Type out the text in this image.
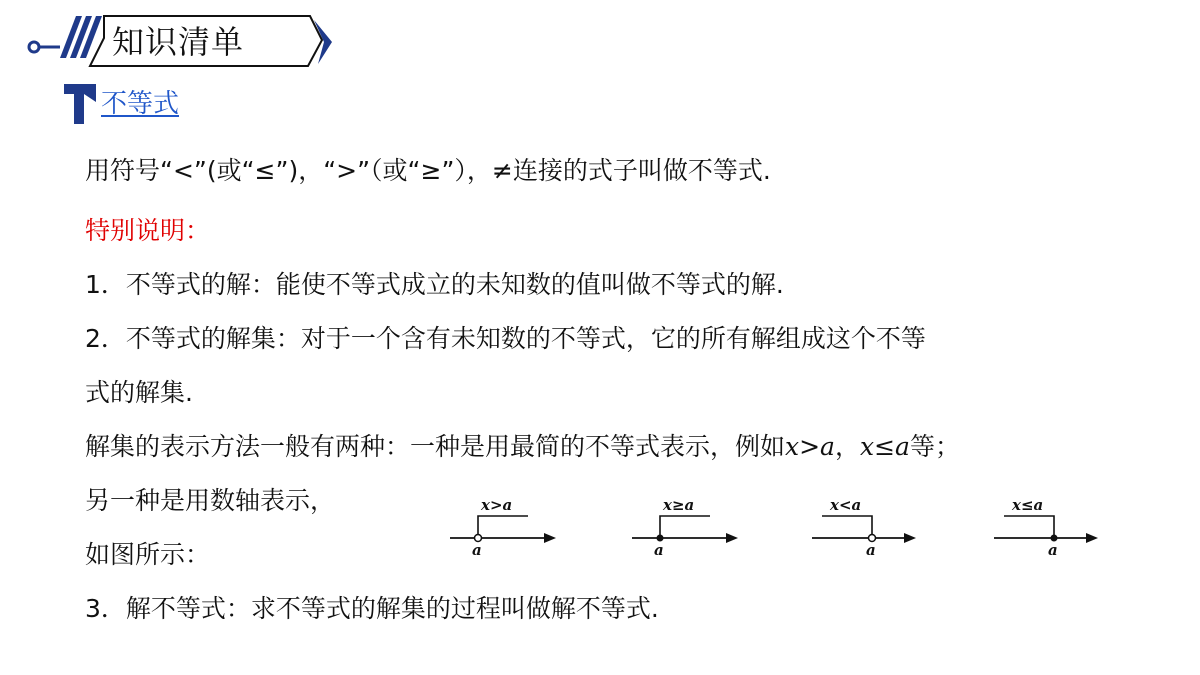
知识清单
不等式
用符号“<”(或“≤”)，“>”（或“≥”），≠连接的式子叫做不等式.
特别说明：
1．不等式的解：能使不等式成立的未知数的值叫做不等式的解.
2．不等式的解集：对于一个含有未知数的不等式，它的所有解组成这个不等
式的解集.
解集的表示方法一般有两种：一种是用最简的不等式表示，例如x>a，x≤a等；
另一种是用数轴表示，
如图所示：
3．解不等式：求不等式的解集的过程叫做解不等式.
x>a
a
x≥a
a
x<a
a
x≤a
a
